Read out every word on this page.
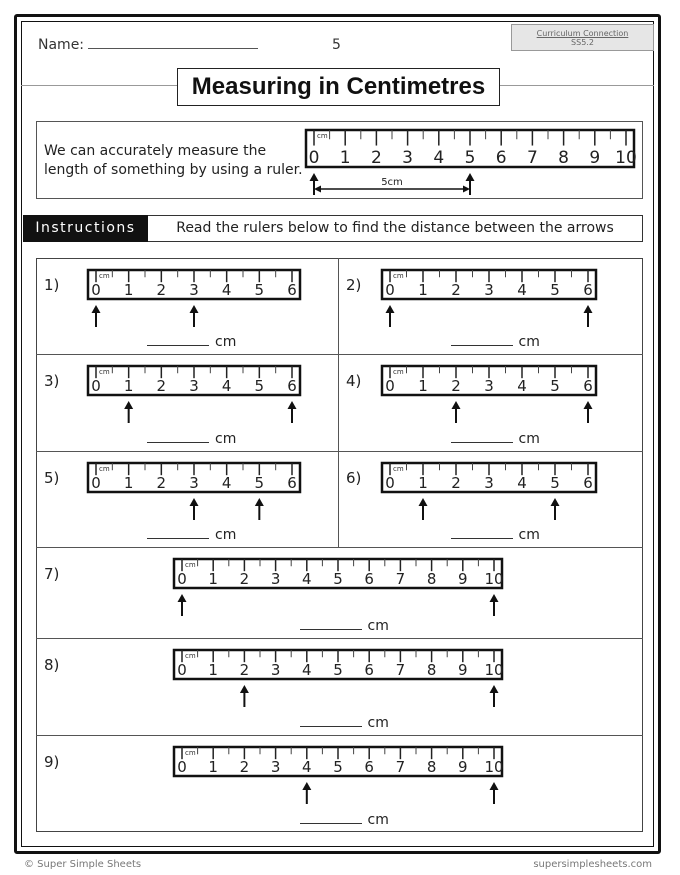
Name:	5
Curriculum Connection
SS5.2
Measuring in Centimetres
We can accurately measure the length of something by using a ruler.
0 1 2 3 4 5 6 7 8 9 10
cm
5cm
Instructions	Read the rulers below to find the distance between the arrows
1) 0 1 2 3 4 5 6
cm
cm
2) 0 1 2 3 4 5 6
cm
cm
3) 0 1 2 3 4 5 6
cm
cm
4) 0 1 2 3 4 5 6
cm
cm
5) 0 1 2 3 4 5 6
cm
cm
6) 0 1 2 3 4 5 6
cm
cm
7)	0 1 2 3 4 5 6 7 8 9 10
cm
cm
8)	0 1 2 3 4 5 6 7 8 9 10
cm
cm
9)	0 1 2 3 4 5 6 7 8 9 10
cm
cm
© Super Simple Sheets	supersimplesheets.com
